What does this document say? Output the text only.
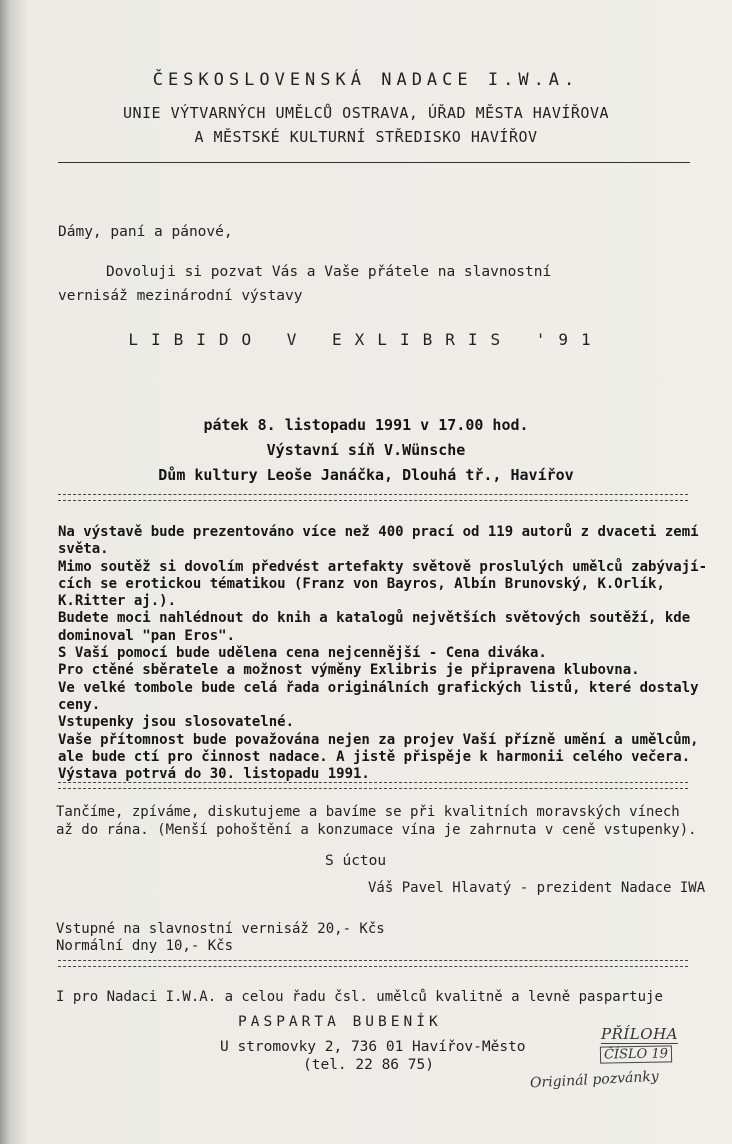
ČESKOSLOVENSKÁ NADACE I.W.A.
UNIE VÝTVARNÝCH UMĚLCŮ OSTRAVA, ÚŘAD MĚSTA HAVÍŘOVA
A MĚSTSKÉ KULTURNÍ STŘEDISKO HAVÍŘOV
Dámy, paní a pánové,
Dovoluji si pozvat Vás a Vaše přátele na slavnostní
vernisáž mezinárodní výstavy
LIBIDO V EXLIBRIS '91
pátek 8. listopadu 1991 v 17.00 hod.
Výstavní síň V.Wünsche
Dům kultury Leoše Janáčka, Dlouhá tř., Havířov
Na výstavě bude prezentováno více než 400 prací od 119 autorů z dvaceti zemí
světa.
Mimo soutěž si dovolím předvést artefakty světově proslulých umělců zabývají-
cích se erotickou tématikou (Franz von Bayros, Albín Brunovský, K.Orlík,
K.Ritter aj.).
Budete moci nahlédnout do knih a katalogů největších světových soutěží, kde
dominoval "pan Eros".
S Vaší pomocí bude udělena cena nejcennější - Cena diváka.
Pro ctěné sběratele a možnost výměny Exlibris je připravena klubovna.
Ve velké tombole bude celá řada originálních grafických listů, které dostaly
ceny.
Vstupenky jsou slosovatelné.
Vaše přítomnost bude považována nejen za projev Vaší přízně umění a umělcům,
ale bude ctí pro činnost nadace. A jistě přispěje k harmonii celého večera.
Výstava potrvá do 30. listopadu 1991.
Tančíme, zpíváme, diskutujeme a bavíme se při kvalitních moravských vínech
až do rána. (Menší pohoštění a konzumace vína je zahrnuta v ceně vstupenky).
S úctou
Váš Pavel Hlavatý - prezident Nadace IWA
Vstupné na slavnostní vernisáž 20,- Kčs
Normální dny 10,- Kčs
I pro Nadaci I.W.A. a celou řadu čsl. umělců kvalitně a levně paspartuje
PASPARTA BUBENÍK
U stromovky 2, 736 01 Havířov-Město
(tel. 22 86 75)
PŘÍLOHA
ČÍSLO 19
Originál pozvánky
